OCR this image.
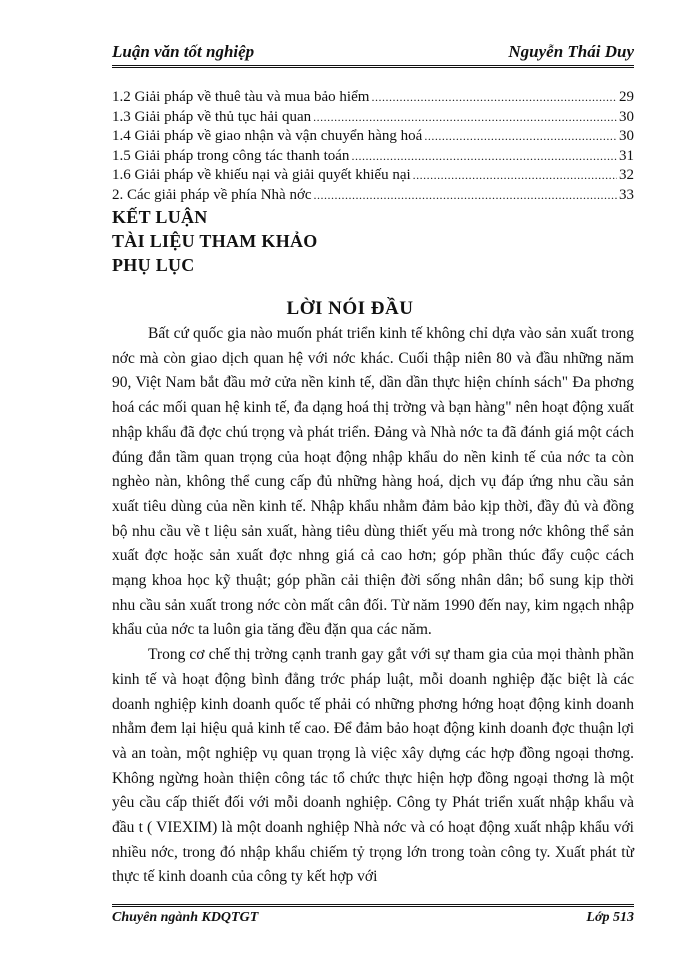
Luận văn tốt nghiệp	Nguyễn Thái Duy
1.2 Giải pháp về thuê tàu và mua bảo hiểm .....	29
1.3 Giải pháp về thủ tục hải quan .....	30
1.4 Giải pháp về giao nhận và vận chuyển hàng hoá .....	30
1.5 Giải pháp trong công tác thanh toán .....	31
1.6 Giải pháp về khiếu nại và giải quyết khiếu nại .....	32
2. Các giải pháp về phía Nhà nớc .....	33
KẾT LUẬN
TÀI LIỆU THAM KHẢO
PHỤ LỤC
LỜI NÓI ĐẦU

Bất cứ quốc gia nào muốn phát triển kinh tế không chỉ dựa vào sản xuất trong nớc mà còn giao dịch quan hệ với nớc khác. Cuối thập niên 80 và đầu những năm 90, Việt Nam bắt đầu mở cửa nền kinh tế, dần dần thực hiện chính sách" Đa phơng hoá các mối quan hệ kinh tế, đa dạng hoá thị trờng và bạn hàng" nên hoạt động xuất nhập khẩu đã đợc chú trọng và phát triển. Đảng và Nhà nớc ta đã đánh giá một cách đúng đắn tầm quan trọng của hoạt động nhập khẩu do nền kinh tế của nớc ta còn nghèo nàn, không thể cung cấp đủ những hàng hoá, dịch vụ đáp ứng nhu cầu sản xuất tiêu dùng của nền kinh tế. Nhập khẩu nhằm đảm bảo kịp thời, đầy đủ và đồng bộ nhu cầu về t liệu sản xuất, hàng tiêu dùng thiết yếu mà trong nớc không thể sản xuất đợc hoặc sản xuất đợc nhng giá cả cao hơn; góp phần thúc đẩy cuộc cách mạng khoa học kỹ thuật; góp phần cải thiện đời sống nhân dân; bổ sung kịp thời nhu cầu sản xuất trong nớc còn mất cân đối. Từ năm 1990 đến nay, kim ngạch nhập khẩu của nớc ta luôn gia tăng đều đặn qua các năm.

Trong cơ chế thị trờng cạnh tranh gay gắt với sự tham gia của mọi thành phần kinh tế và hoạt động bình đẳng trớc pháp luật, mỗi doanh nghiệp đặc biệt là các doanh nghiệp kinh doanh quốc tế phải có những phơng hớng hoạt động kinh doanh nhằm đem lại hiệu quả kinh tế cao. Để đảm bảo hoạt động kinh doanh đợc thuận lợi và an toàn, một nghiệp vụ quan trọng là việc xây dựng các hợp đồng ngoại thơng. Không ngừng hoàn thiện công tác tổ chức thực hiện hợp đồng ngoại thơng là một yêu cầu cấp thiết đối với mỗi doanh nghiệp. Công ty Phát triển xuất nhập khẩu và đầu t ( VIEXIM) là một doanh nghiệp Nhà nớc và có hoạt động xuất nhập khẩu với nhiều nớc, trong đó nhập khẩu chiếm tỷ trọng lớn trong toàn công ty. Xuất phát từ thực tế kinh doanh của công ty kết hợp với

Chuyên ngành KDQTGT	Lớp 513
